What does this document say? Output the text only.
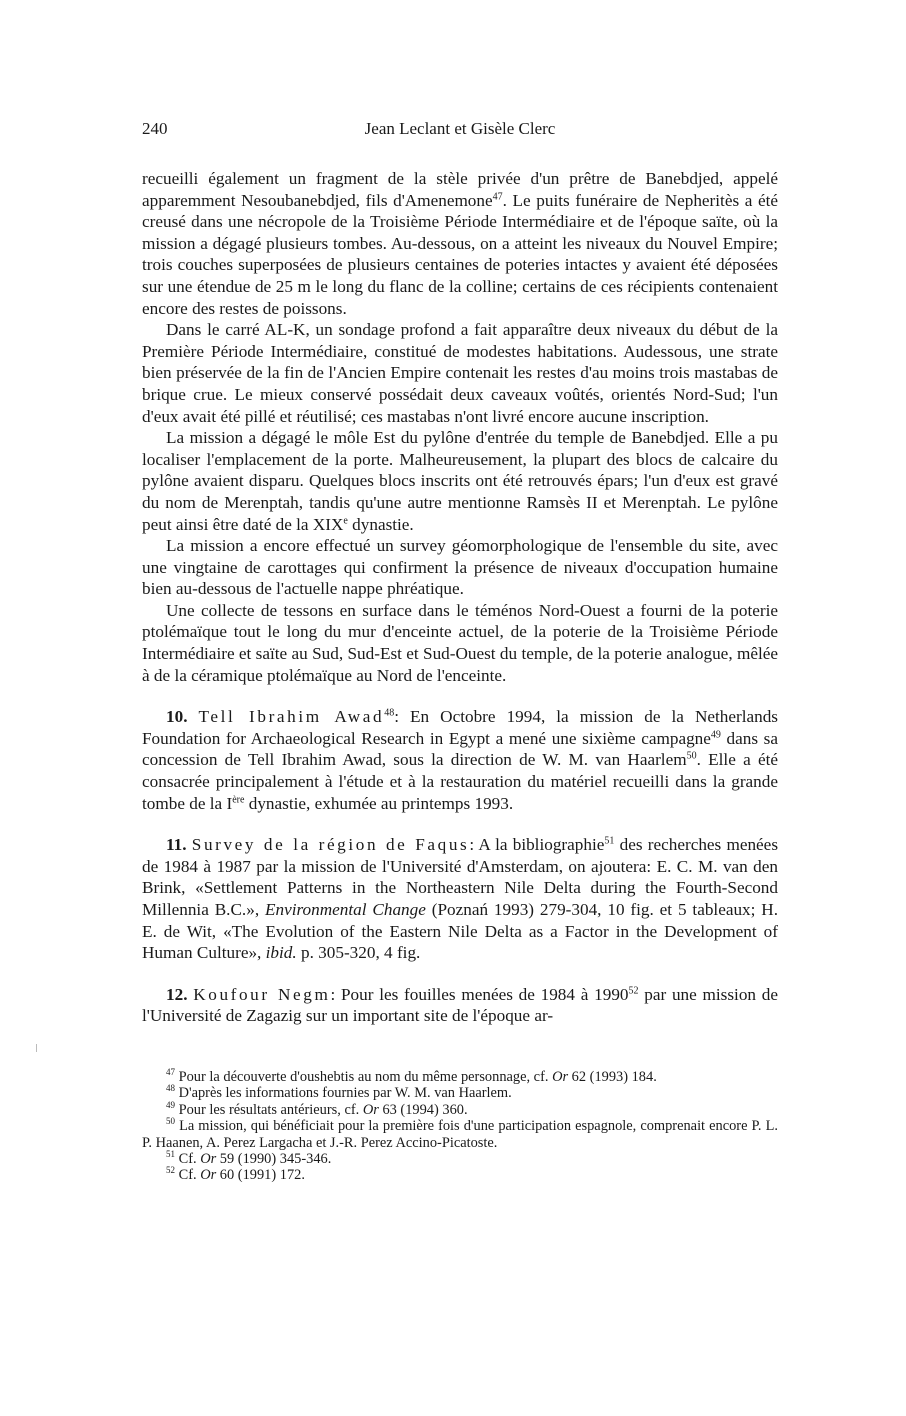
240	Jean Leclant et Gisèle Clerc

recueilli également un fragment de la stèle privée d'un prêtre de Banebdjed, appelé apparemment Nesoubanebdjed, fils d'Amenemone$^{47}$. Le puits funéraire de Nepheritès a été creusé dans une nécropole de la Troisième Période Intermédiaire et de l'époque saïte, où la mission a dégagé plusieurs tombes. Au-dessous, on a atteint les niveaux du Nouvel Empire; trois couches superposées de plusieurs centaines de poteries intactes y avaient été déposées sur une étendue de 25 m le long du flanc de la colline; certains de ces récipients contenaient encore des restes de poissons.

Dans le carré AL-K, un sondage profond a fait apparaître deux niveaux du début de la Première Période Intermédiaire, constitué de modestes habitations. Audessous, une strate bien préservée de la fin de l'Ancien Empire contenait les restes d'au moins trois mastabas de brique crue. Le mieux conservé possédait deux caveaux voûtés, orientés Nord-Sud; l'un d'eux avait été pillé et réutilisé; ces mastabas n'ont livré encore aucune inscription.

La mission a dégagé le môle Est du pylône d'entrée du temple de Banebdjed. Elle a pu localiser l'emplacement de la porte. Malheureusement, la plupart des blocs de calcaire du pylône avaient disparu. Quelques blocs inscrits ont été retrouvés épars; l'un d'eux est gravé du nom de Merenptah, tandis qu'une autre mentionne Ramsès II et Merenptah. Le pylône peut ainsi être daté de la XIXe dynastie.

La mission a encore effectué un survey géomorphologique de l'ensemble du site, avec une vingtaine de carottages qui confirment la présence de niveaux d'occupation humaine bien au-dessous de l'actuelle nappe phréatique.

Une collecte de tessons en surface dans le téménos Nord-Ouest a fourni de la poterie ptolémaïque tout le long du mur d'enceinte actuel, de la poterie de la Troisième Période Intermédiaire et saïte au Sud, Sud-Est et Sud-Ouest du temple, de la poterie analogue, mêlée à de la céramique ptolémaïque au Nord de l'enceinte.

10. Tell Ibrahim Awad$^{48}$: En Octobre 1994, la mission de la Netherlands Foundation for Archaeological Research in Egypt a mené une sixième campagne$^{49}$ dans sa concession de Tell Ibrahim Awad, sous la direction de W. M. van Haarlem$^{50}$. Elle a été consacrée principalement à l'étude et à la restauration du matériel recueilli dans la grande tombe de la Ière dynastie, exhumée au printemps 1993.

11. Survey de la région de Faqus: A la bibliographie$^{51}$ des recherches menées de 1984 à 1987 par la mission de l'Université d'Amsterdam, on ajoutera: E. C. M. van den Brink, «Settlement Patterns in the Northeastern Nile Delta during the Fourth-Second Millennia B.C.», Environmental Change (Poznań 1993) 279-304, 10 fig. et 5 tableaux; H. E. de Wit, «The Evolution of the Eastern Nile Delta as a Factor in the Development of Human Culture», ibid. p. 305-320, 4 fig.

12. Koufour Negm: Pour les fouilles menées de 1984 à 1990$^{52}$ par une mission de l'Université de Zagazig sur un important site de l'époque ar-

$^{47}$ Pour la découverte d'oushebtis au nom du même personnage, cf. Or 62 (1993) 184.
$^{48}$ D'après les informations fournies par W. M. van Haarlem.
$^{49}$ Pour les résultats antérieurs, cf. Or 63 (1994) 360.
$^{50}$ La mission, qui bénéficiait pour la première fois d'une participation espagnole, comprenait encore P. L. P. Haanen, A. Perez Largacha et J.-R. Perez Accino-Picatoste.
$^{51}$ Cf. Or 59 (1990) 345-346.
$^{52}$ Cf. Or 60 (1991) 172.
